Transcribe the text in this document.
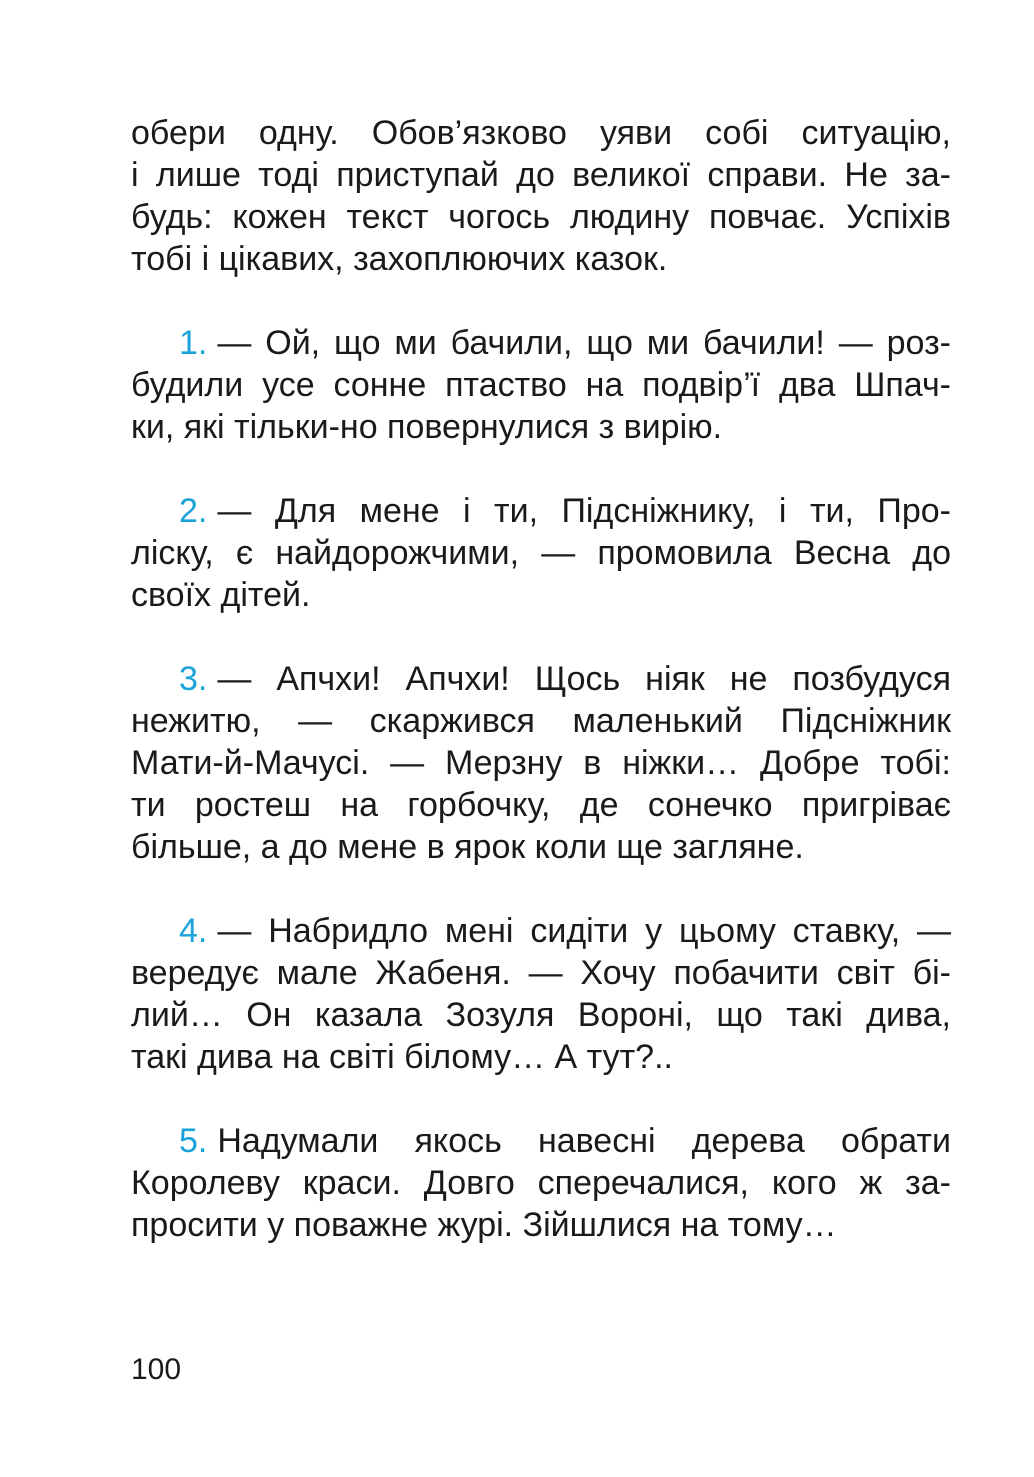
обери одну. Обов’язково уяви собі ситуацію,
і лише тоді приступай до великої справи. Не за-
будь: кожен текст чогось людину повчає. Успіхів
тобі і цікавих, захоплюючих казок.
1. — Ой, що ми бачили, що ми бачили! — роз-
будили усе сонне птаство на подвір’ї два Шпач-
ки, які тільки-но повернулися з вирію.
2. — Для мене і ти, Підсніжнику, і ти, Про-
ліску, є найдорожчими, — промовила Весна до
своїх дітей.
3. — Апчхи! Апчхи! Щось ніяк не позбудуся
нежитю, — скаржився маленький Підсніжник
Мати-й-Мачусі. — Мерзну в ніжки… Добре тобі:
ти ростеш на горбочку, де сонечко пригріває
більше, а до мене в ярок коли ще загляне.
4. — Набридло мені сидіти у цьому ставку, —
вередує мале Жабеня. — Хочу побачити світ бі-
лий… Он казала Зозуля Вороні, що такі дива,
такі дива на світі білому… А тут?..
5. Надумали якось навесні дерева обрати
Королеву краси. Довго сперечалися, кого ж за-
просити у поважне журі. Зійшлися на тому…
100
